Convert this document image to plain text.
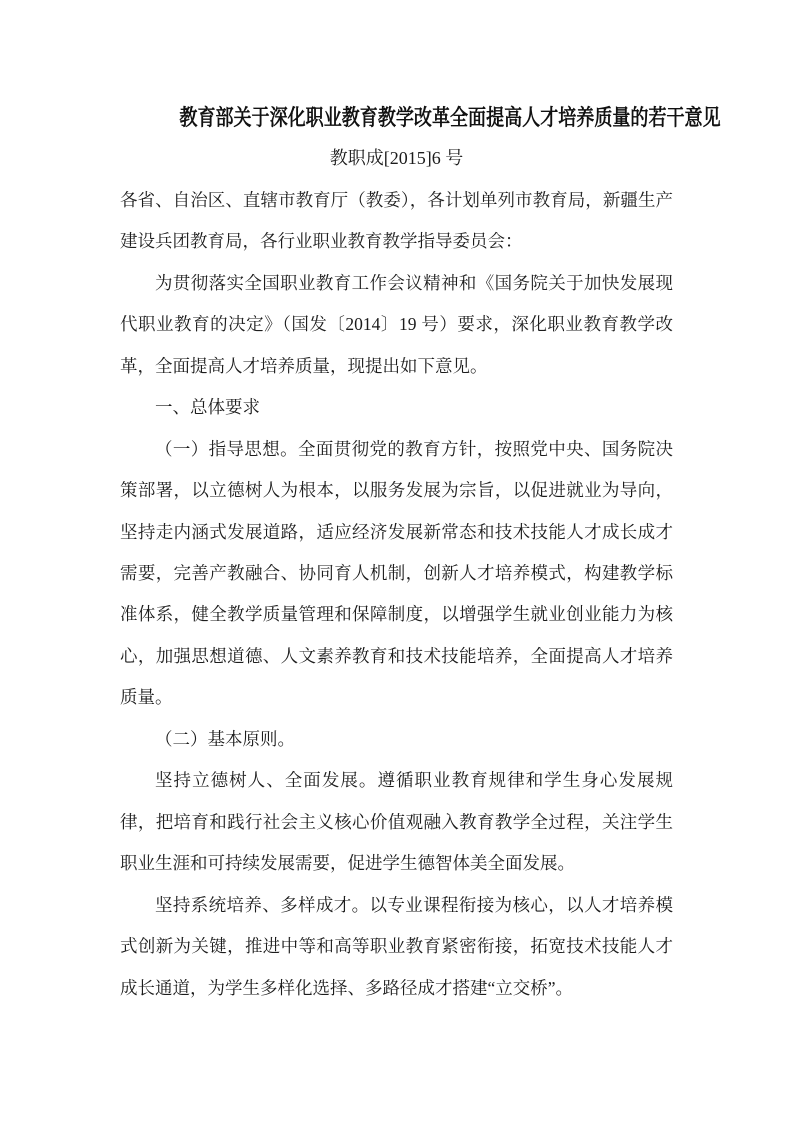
教育部关于深化职业教育教学改革全面提高人才培养质量的若干意见
教职成[2015]6 号

各省、自治区、直辖市教育厅（教委），各计划单列市教育局，新疆生产建设兵团教育局，各行业职业教育教学指导委员会：

为贯彻落实全国职业教育工作会议精神和《国务院关于加快发展现代职业教育的决定》（国发〔2014〕19 号）要求，深化职业教育教学改革，全面提高人才培养质量，现提出如下意见。

一、总体要求

（一）指导思想。全面贯彻党的教育方针，按照党中央、国务院决策部署，以立德树人为根本，以服务发展为宗旨，以促进就业为导向，坚持走内涵式发展道路，适应经济发展新常态和技术技能人才成长成才需要，完善产教融合、协同育人机制，创新人才培养模式，构建教学标准体系，健全教学质量管理和保障制度，以增强学生就业创业能力为核心，加强思想道德、人文素养教育和技术技能培养，全面提高人才培养质量。

（二）基本原则。

坚持立德树人、全面发展。遵循职业教育规律和学生身心发展规律，把培育和践行社会主义核心价值观融入教育教学全过程，关注学生职业生涯和可持续发展需要，促进学生德智体美全面发展。

坚持系统培养、多样成才。以专业课程衔接为核心，以人才培养模式创新为关键，推进中等和高等职业教育紧密衔接，拓宽技术技能人才成长通道，为学生多样化选择、多路径成才搭建“立交桥”。
